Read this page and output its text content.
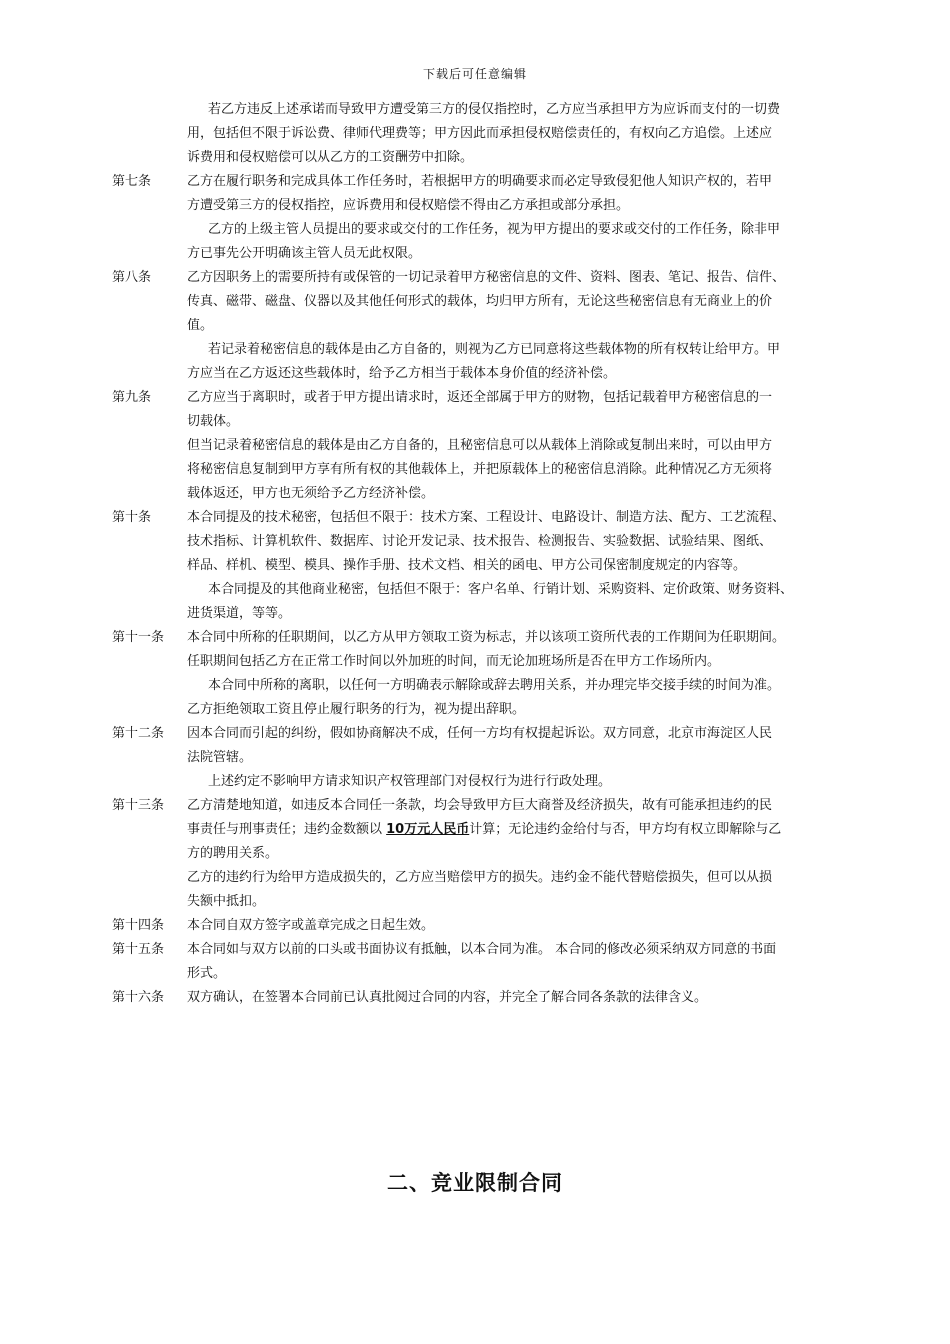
下载后可任意编辑
若乙方违反上述承诺而导致甲方遭受第三方的侵仅指控时，乙方应当承担甲方为应诉而支付的一切费
用，包括但不限于诉讼费、律师代理费等；甲方因此而承担侵权赔偿责任的，有权向乙方追偿。上述应
诉费用和侵权赔偿可以从乙方的工资酬劳中扣除。
第七条	乙方在履行职务和完成具体工作任务时，若根据甲方的明确要求而必定导致侵犯他人知识产权的，若甲
方遭受第三方的侵权指控，应诉费用和侵权赔偿不得由乙方承担或部分承担。
乙方的上级主管人员提出的要求或交付的工作任务，视为甲方提出的要求或交付的工作任务，除非甲
方已事先公开明确该主管人员无此权限。
第八条	乙方因职务上的需要所持有或保管的一切记录着甲方秘密信息的文件、资料、图表、笔记、报告、信件、
传真、磁带、磁盘、仪器以及其他任何形式的载体，均归甲方所有，无论这些秘密信息有无商业上的价
值。
若记录着秘密信息的载体是由乙方自备的，则视为乙方已同意将这些载体物的所有权转让给甲方。甲
方应当在乙方返还这些载体时，给予乙方相当于载体本身价值的经济补偿。
第九条	乙方应当于离职时，或者于甲方提出请求时，返还全部属于甲方的财物，包括记载着甲方秘密信息的一
切载体。
但当记录着秘密信息的载体是由乙方自备的，且秘密信息可以从载体上消除或复制出来时，可以由甲方
将秘密信息复制到甲方享有所有权的其他载体上，并把原载体上的秘密信息消除。此种情况乙方无须将
载体返还，甲方也无须给予乙方经济补偿。
第十条	本合同提及的技术秘密，包括但不限于：技术方案、工程设计、电路设计、制造方法、配方、工艺流程、
技术指标、计算机软件、数据库、讨论开发记录、技术报告、检测报告、实验数据、试验结果、图纸、
样品、样机、模型、模具、操作手册、技术文档、相关的函电、甲方公司保密制度规定的内容等。
本合同提及的其他商业秘密，包括但不限于：客户名单、行销计划、采购资料、定价政策、财务资料、
进货渠道，等等。
第十一条 本合同中所称的任职期间，以乙方从甲方领取工资为标志，并以该项工资所代表的工作期间为任职期间。
任职期间包括乙方在正常工作时间以外加班的时间，而无论加班场所是否在甲方工作场所内。
本合同中所称的离职，以任何一方明确表示解除或辞去聘用关系，并办理完毕交接手续的时间为准。
乙方拒绝领取工资且停止履行职务的行为，视为提出辞职。
第十二条 因本合同而引起的纠纷，假如协商解决不成，任何一方均有权提起诉讼。双方同意，北京市海淀区人民
法院管辖。
上述约定不影响甲方请求知识产权管理部门对侵权行为进行行政处理。
第十三条 乙方清楚地知道，如违反本合同任一条款，均会导致甲方巨大商誉及经济损失，故有可能承担违约的民
事责任与刑事责任；违约金数额以 10万元人民币计算；无论违约金给付与否，甲方均有权立即解除与乙
方的聘用关系。
乙方的违约行为给甲方造成损失的，乙方应当赔偿甲方的损失。违约金不能代替赔偿损失，但可以从损
失额中抵扣。
第十四条 本合同自双方签字或盖章完成之日起生效。
第十五条 本合同如与双方以前的口头或书面协议有抵触，以本合同为准。 本合同的修改必须采纳双方同意的书面
形式。
第十六条 双方确认，在签署本合同前已认真批阅过合同的内容，并完全了解合同各条款的法律含义。
二、竞业限制合同
